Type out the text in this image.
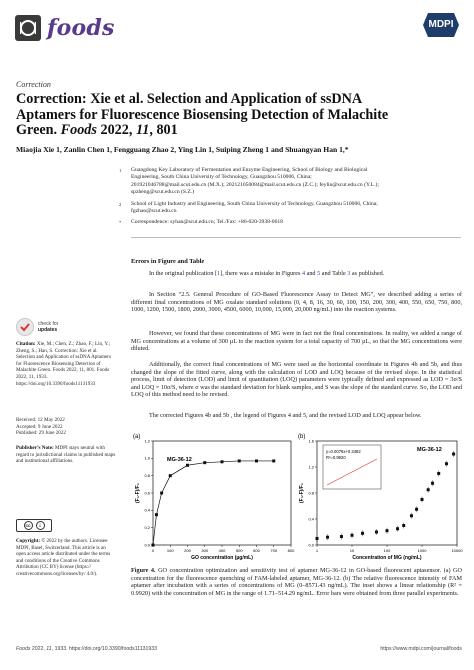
foods	MDPI
Correction
Correction: Xie et al. Selection and Application of ssDNA
Aptamers for Fluorescence Biosensing Detection of Malachite
Green. Foods 2022, 11, 801
Miaojia Xie 1, Zanlin Chen 1, Fengguang Zhao 2, Ying Lin 1, Suiping Zheng 1 and Shuangyan Han 1,*
1 Guangdong Key Laboratory of Fermentation and Enzyme Engineering, School of Biology and Biological
Engineering, South China University of Technology, Guangzhou 510006, China;
201921046788@mail.scut.edu.cn (M.X.); 202121050084@mail.scut.edu.cn (Z.C.); feylin@scut.edu.cn (Y.L.);
spzheng@scut.edu.cn (S.Z.)
2 School of Light Industry and Engineering, South China University of Technology, Guangzhou 510006, China;
fgzhao@scut.edu.cn
* Correspondence: syhan@scut.edu.cn; Tel./Fax: +86-020-3938-0618
Errors in Figure and Table
In the original publication [1], there was a mistake in Figures 4 and 5 and Table 3 as published.
In Section “2.5. General Procedure of GO-Based Fluorescence Assay to Detect MG”, we described adding a series of different final concentrations of MG oxalate standard solutions (0, 4, 8, 16, 30, 60, 100, 150, 200, 300, 400, 550, 650, 750, 800, 1000, 1200, 1500, 1800, 2000, 3000, 4500, 6000, 10,000, 15,000, 20,000 ng/mL) into the reaction systems.
However, we found that these concentrations of MG were in fact not the final concentrations. In reality, we added a range of MG concentrations at a volume of 300 µL to the reaction system for a total capacity of 700 µL, so that the MG concentrations were diluted.
Additionally, the correct final concentrations of MG were used as the horizontal coordinate in Figures 4b and 5b, and thus changed the slope of the fitted curve, along with the calculation of LOD and LOQ because of the revised slope. In the statistical process, limit of detection (LOD) and limit of quantitation (LOQ) parameters were typically defined and expressed as LOD = 3σ/S and LOQ = 10σ/S, where σ was the standard deviation for blank samples, and S was the slope of the standard curve. So, the LOD and LOQ of this method need to be revised.
The corrected Figures 4b and 5b , the legend of Figures 4 and 5, and the revised LOD and LOQ appear below.
check for
updates
Citation: Xie, M.; Chen, Z.; Zhao, F.; Lin, Y.; Zheng, S.; Han, S. Correction: Xie et al. Selection and Application of ssDNA Aptamers for Fluorescence Biosensing Detection of Malachite Green. Foods 2022, 11, 801. Foods 2022, 11, 1933. https://doi.org/10.3390/foods11131933
Received: 12 May 2022
Accepted: 9 June 2022
Published: 29 June 2022
Publisher’s Note: MDPI stays neutral with regard to jurisdictional claims in published maps and institutional affiliations.
cc	i
Copyright: © 2022 by the authors. Licensee MDPI, Basel, Switzerland. This article is an open access article distributed under the terms and conditions of the Creative Commons Attribution (CC BY) license (https:// creativecommons.org/licenses/by/ 4.0/).
(a)	(b)
MG-36-12
GO concentration (µg/mL)
(F₀-F)/F₀
0	100	200	300	400	500	600	700	800
0.0
0.2
0.4
0.6
0.8
1.0
1.2
MG-36-12
Concentration of MG (ng/mL)
(F₀-F)/F₀
y=0.0076x+0.3482
R²=0.9920
1	10	100	1000	10000
0.0
0.4
0.8
1.2
1.6
Figure 4. GO concentration optimization and sensitivity test of aptamer MG-36-12 in GO-based fluorescent aptasensor. (a) GO concentration for the fluorescence quenching of FAM-labeled aptamer, MG-36-12. (b) The relative fluorescence intensity of FAM aptamer after incubation with a series of concentrations of MG (0–8571.43 ng/mL). The inset shows a linear relationship (R² = 0.9920) with the concentration of MG in the range of 1.71–514.29 ng/mL. Error bars were obtained from three parallel experiments.
Foods 2022, 11, 1933. https://doi.org/10.3390/foods11131933	https://www.mdpi.com/journal/foods
